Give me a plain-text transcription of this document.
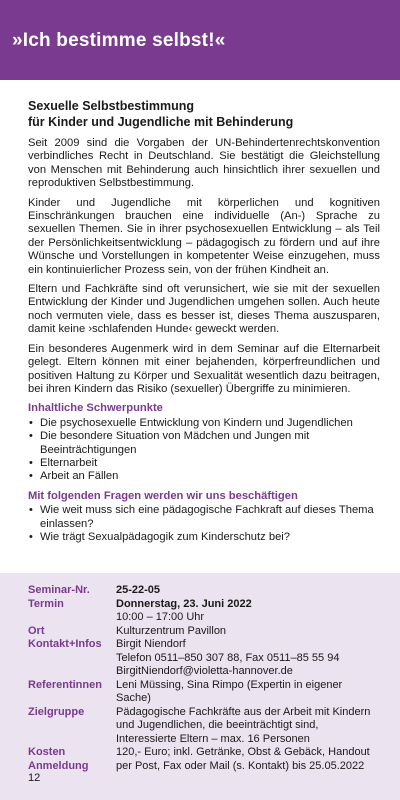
»Ich bestimme selbst!«
Sexuelle Selbstbestimmung
für Kinder und Jugendliche mit Behinderung

Seit 2009 sind die Vorgaben der UN-Behindertenrechtskonvention verbindliches Recht in Deutschland. Sie bestätigt die Gleichstellung von Menschen mit Behinderung auch hinsichtlich ihrer sexuellen und reproduktiven Selbstbestimmung.

Kinder und Jugendliche mit körperlichen und kognitiven Einschränkungen brauchen eine individuelle (An-) Sprache zu sexuellen Themen. Sie in ihrer psychosexuellen Entwicklung – als Teil der Persönlichkeitsentwicklung – pädagogisch zu fördern und auf ihre Wünsche und Vorstellungen in kompetenter Weise einzugehen, muss ein kontinuierlicher Prozess sein, von der frühen Kindheit an.

Eltern und Fachkräfte sind oft verunsichert, wie sie mit der sexuellen Entwicklung der Kinder und Jugendlichen umgehen sollen. Auch heute noch vermuten viele, dass es besser ist, dieses Thema auszusparen, damit keine ›schlafenden Hunde‹ geweckt werden.

Ein besonderes Augenmerk wird in dem Seminar auf die Elternarbeit gelegt. Eltern können mit einer bejahenden, körperfreundlichen und positiven Haltung zu Körper und Sexualität wesentlich dazu beitragen, bei ihren Kindern das Risiko (sexueller) Übergriffe zu minimieren.

Inhaltliche Schwerpunkte
• Die psychosexuelle Entwicklung von Kindern und Jugendlichen
• Die besondere Situation von Mädchen und Jungen mit Beeinträchtigungen
• Elternarbeit
• Arbeit an Fällen
Mit folgenden Fragen werden wir uns beschäftigen
• Wie weit muss sich eine pädagogische Fachkraft auf dieses Thema einlassen?
• Wie trägt Sexualpädagogik zum Kinderschutz bei?
Seminar-Nr.	25-22-05
Termin	Donnerstag, 23. Juni 2022
	10:00 – 17:00 Uhr
Ort	Kulturzentrum Pavillon
Kontakt+Infos	Birgit Niendorf
	Telefon 0511–850 307 88, Fax 0511–85 55 94
	BirgitNiendorf@violetta-hannover.de
Referentinnen	Leni Müssing, Sina Rimpo (Expertin in eigener Sache)
Zielgruppe	Pädagogische Fachkräfte aus der Arbeit mit Kindern und Jugendlichen, die beeinträchtigt sind, Interessierte Eltern – max. 16 Personen
Kosten	120,- Euro; inkl. Getränke, Obst & Gebäck, Handout
Anmeldung	per Post, Fax oder Mail (s. Kontakt) bis 25.05.2022
12
